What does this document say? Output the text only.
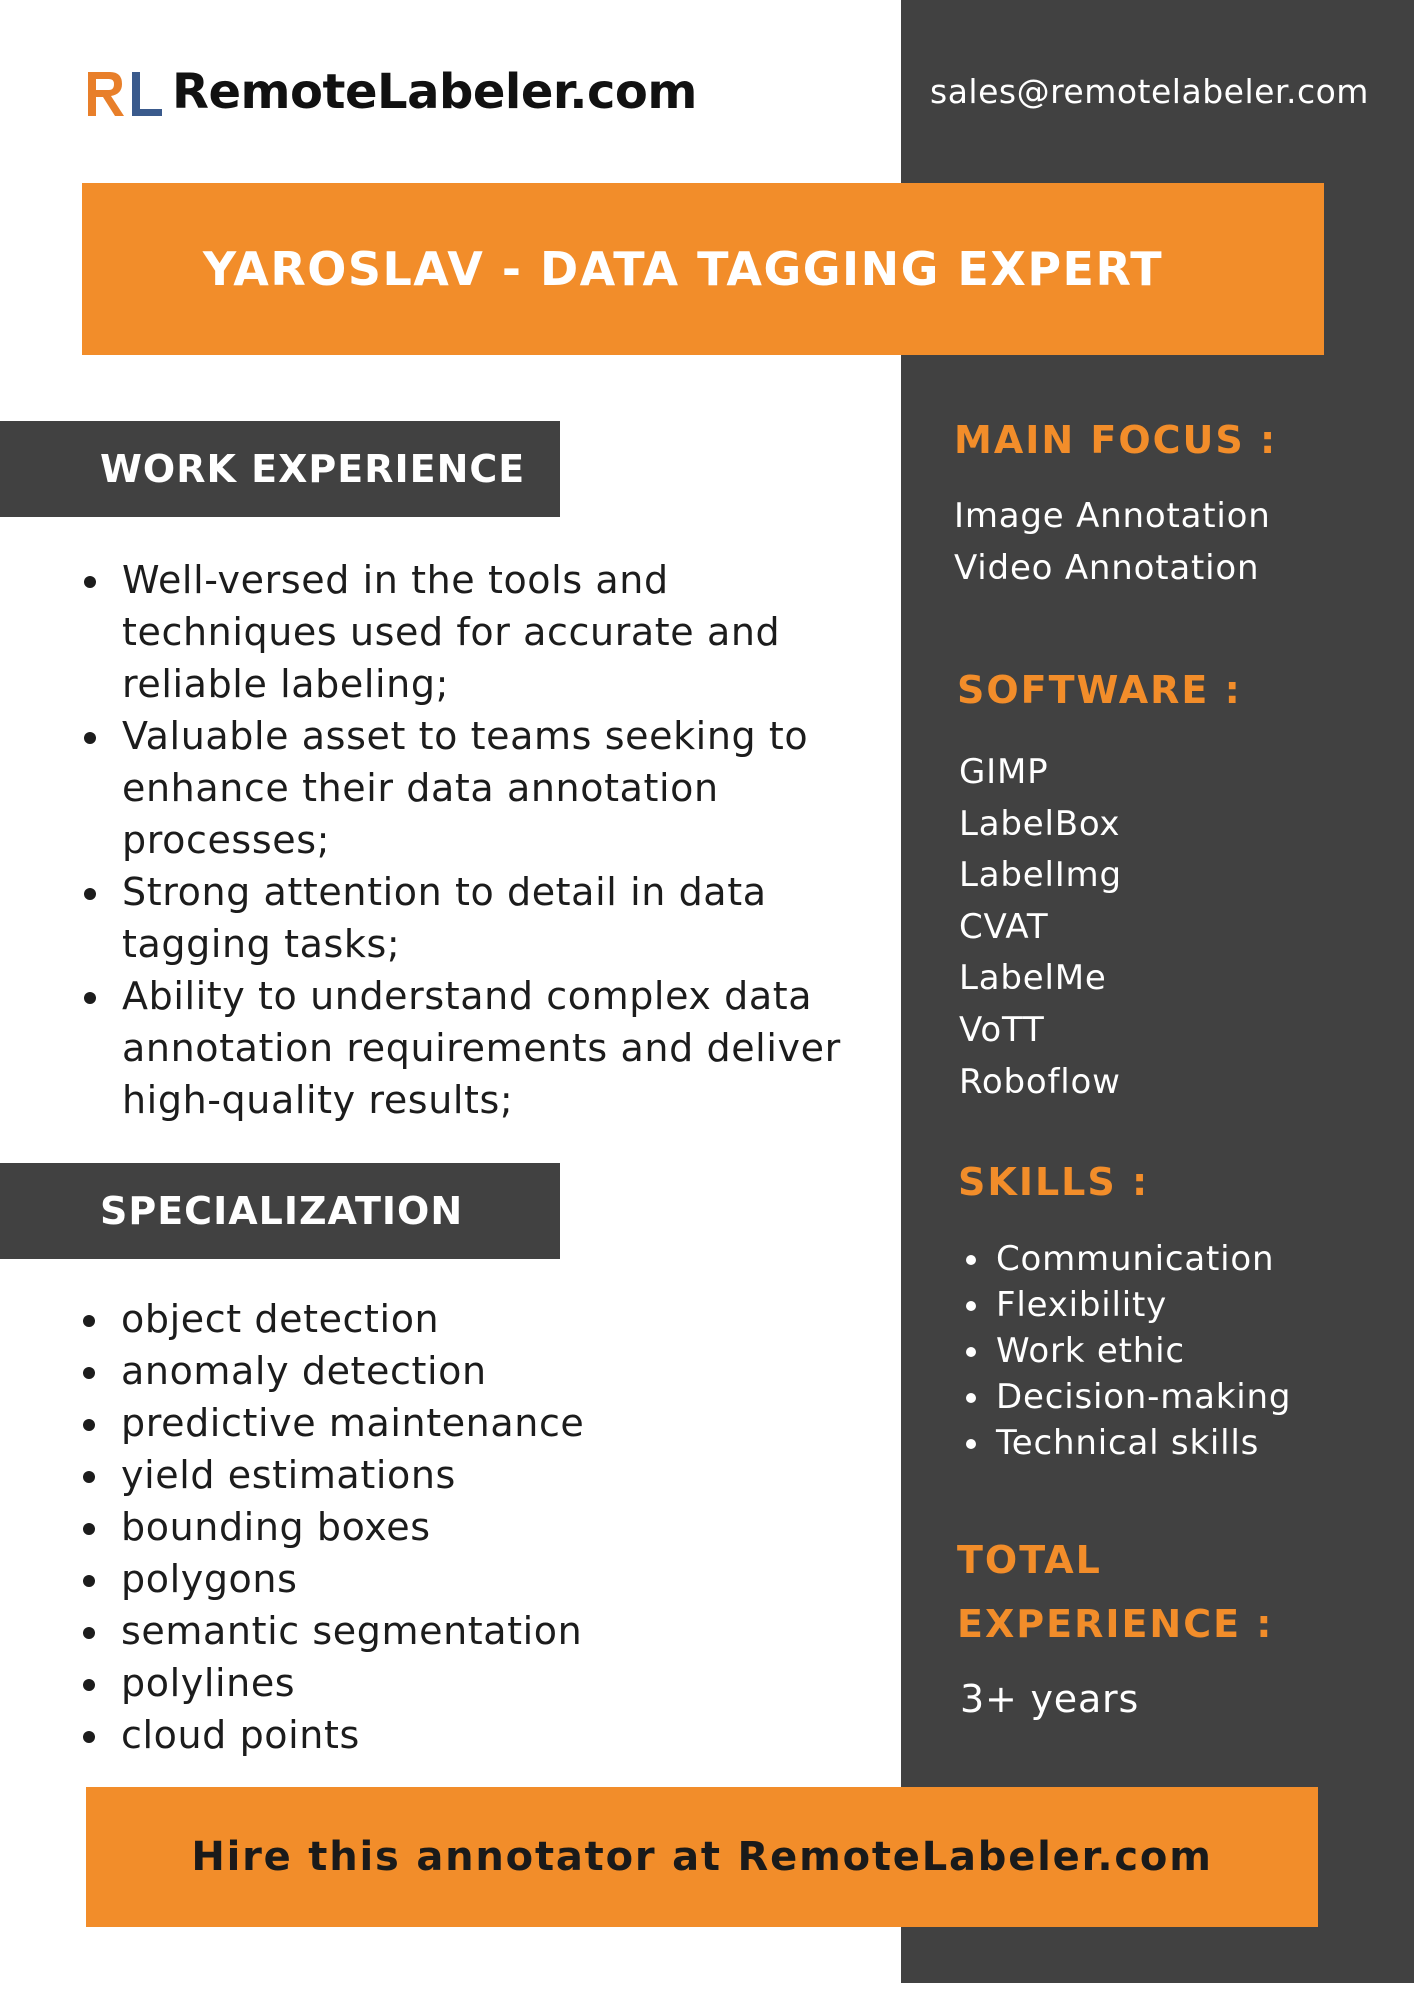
RemoteLabeler.com	sales@remotelabeler.com
YAROSLAV - DATA TAGGING EXPERT
WORK EXPERIENCE
Well-versed in the tools and techniques used for accurate and reliable labeling;
Valuable asset to teams seeking to enhance their data annotation processes;
Strong attention to detail in data tagging tasks;
Ability to understand complex data annotation requirements and deliver high-quality results;
SPECIALIZATION
object detection
anomaly detection
predictive maintenance
yield estimations
bounding boxes
polygons
semantic segmentation
polylines
cloud points
MAIN FOCUS :
Image Annotation
Video Annotation
SOFTWARE :
GIMP
LabelBox
LabelImg
CVAT
LabelMe
VoTT
Roboflow
SKILLS :
Communication
Flexibility
Work ethic
Decision-making
Technical skills
TOTAL EXPERIENCE :
3+ years
Hire this annotator at RemoteLabeler.com
